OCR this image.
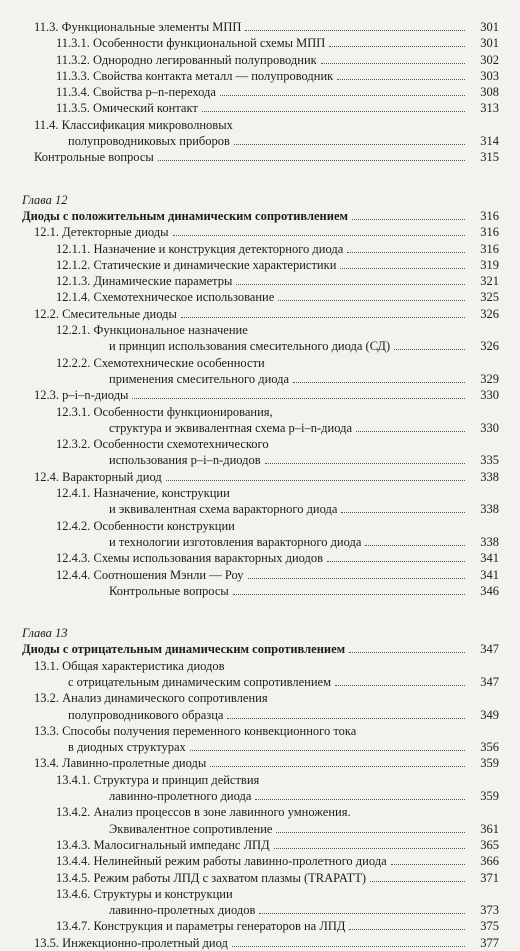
11.3. Функциональные элементы МПП	301
11.3.1. Особенности функциональной схемы МПП	301
11.3.2. Однородно легированный полупроводник	302
11.3.3. Свойства контакта металл — полупроводник	303
11.3.4. Свойства p–n-перехода	308
11.3.5. Омический контакт	313
11.4. Классификация микроволновых
полупроводниковых приборов	314
Контрольные вопросы	315
Глава 12
Диоды с положительным динамическим сопротивлением	316
12.1. Детекторные диоды	316
12.1.1. Назначение и конструкция детекторного диода	316
12.1.2. Статические и динамические характеристики	319
12.1.3. Динамические параметры	321
12.1.4. Схемотехническое использование	325
12.2. Смесительные диоды	326
12.2.1. Функциональное назначение
и принцип использования смесительного диода (СД)	326
12.2.2. Схемотехнические особенности
применения смесительного диода	329
12.3. p–i–n-диоды	330
12.3.1. Особенности функционирования,
структура и эквивалентная схема p–i–n-диода	330
12.3.2. Особенности схемотехнического
использования p–i–n-диодов	335
12.4. Варакторный диод	338
12.4.1. Назначение, конструкции
и эквивалентная схема варакторного диода	338
12.4.2. Особенности конструкции
и технологии изготовления варакторного диода	338
12.4.3. Схемы использования варакторных диодов	341
12.4.4. Соотношения Мэнли — Роу	341
Контрольные вопросы	346
Глава 13
Диоды с отрицательным динамическим сопротивлением	347
13.1. Общая характеристика диодов
с отрицательным динамическим сопротивлением	347
13.2. Анализ динамического сопротивления
полупроводникового образца	349
13.3. Способы получения переменного конвекционного тока
в диодных структурах	356
13.4. Лавинно-пролетные диоды	359
13.4.1. Структура и принцип действия
лавинно-пролетного диода	359
13.4.2. Анализ процессов в зоне лавинного умножения.
Эквивалентное сопротивление	361
13.4.3. Малосигнальный импеданс ЛПД	365
13.4.4. Нелинейный режим работы лавинно-пролетного диода	366
13.4.5. Режим работы ЛПД с захватом плазмы (TRAPATT)	371
13.4.6. Структуры и конструкции
лавинно-пролетных диодов	373
13.4.7. Конструкция и параметры генераторов на ЛПД	375
13.5. Инжекционно-пролетный диод	377
